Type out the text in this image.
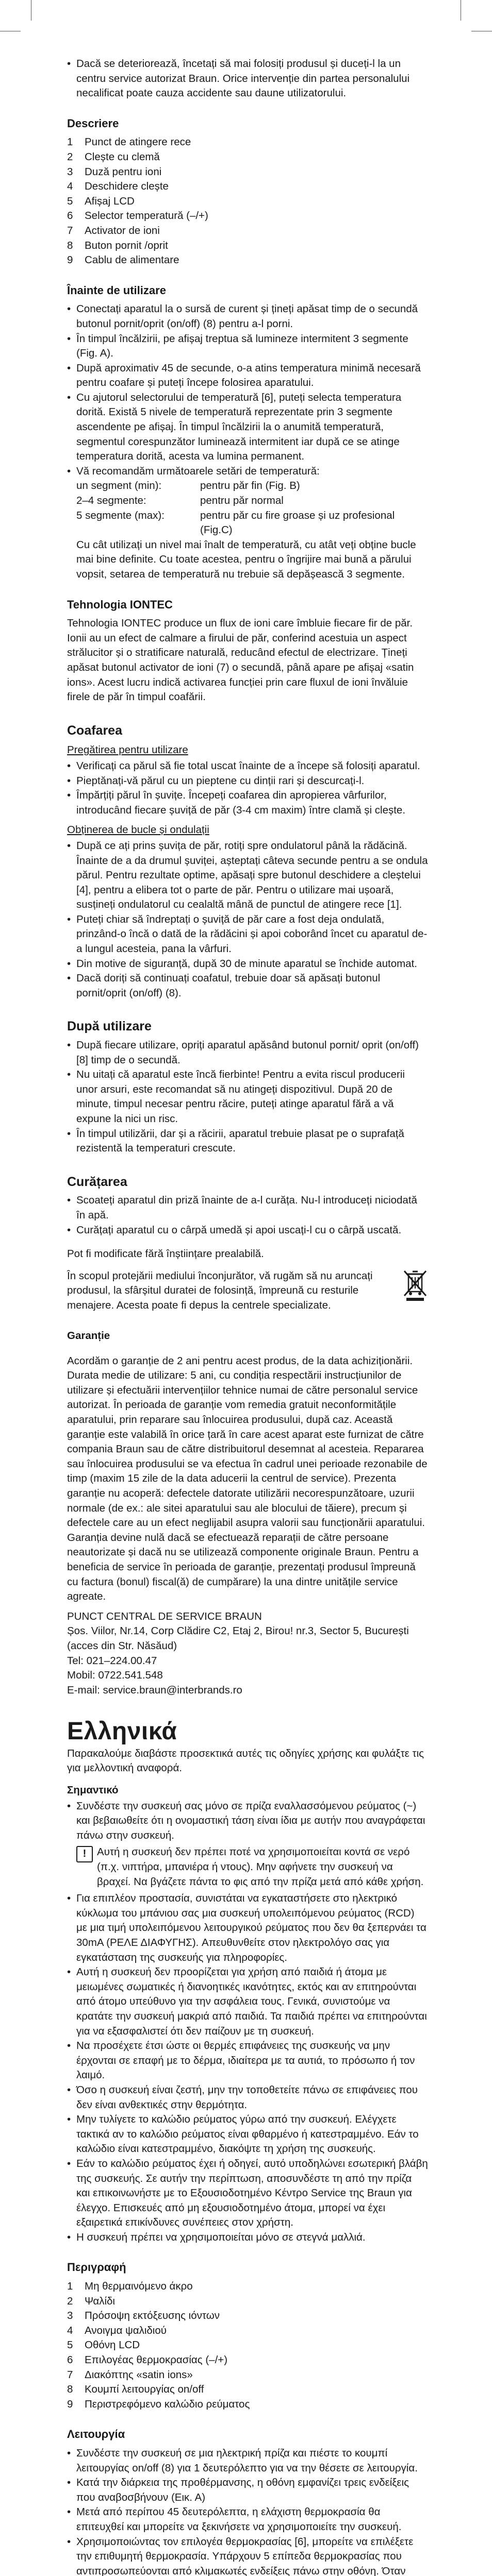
• Dacă se deteriorează, încetați să mai folosiți produsul și duceți-l la un centru service autorizat Braun. Orice intervenție din partea personalului necalificat poate cauza accidente sau daune utilizatorului.
Descriere
1	Punct de atingere rece
2	Clește cu clemă
3	Duză pentru ioni
4	Deschidere clește
5	Afișaj LCD
6	Selector temperatură (–/+)
7	Activator de ioni
8	Buton pornit /oprit
9	Cablu de alimentare
Înainte de utilizare
• Conectați aparatul la o sursă de curent și țineți apăsat timp de o secundă butonul pornit/oprit (on/off) (8) pentru a-l porni.
• În timpul încălzirii, pe afișaj treptua să lumineze intermitent 3 segmente (Fig. A).
• După aproximativ 45 de secunde, o-a atins temperatura minimă necesară pentru coafare și puteți începe folosirea aparatului.
• Cu ajutorul selectorului de temperatură [6], puteți selecta temperatura dorită. Există 5 nivele de temperatură reprezentate prin 3 segmente ascendente pe afișaj. În timpul încălzirii la o anumită temperatură, segmentul corespunzător luminează intermitent iar după ce se atinge temperatura dorită, acesta va lumina permanent.
• Vă recomandăm următoarele setări de temperatură:
un segment (min):	pentru păr fin (Fig. B)
2–4 segmente:	pentru păr normal
5 segmente (max):	pentru păr cu fire groase și uz profesional (Fig.C)
Cu cât utilizați un nivel mai înalt de temperatură, cu atât veți obține bucle mai bine definite. Cu toate acestea, pentru o îngrijire mai bună a părului vopsit, setarea de temperatură nu trebuie să depășească 3 segmente.
Tehnologia IONTEC
Tehnologia IONTEC produce un flux de ioni care îmbluie fiecare fir de păr. Ionii au un efect de calmare a firului de păr, conferind acestuia un aspect strălucitor și o stratificare naturală, reducând efectul de electrizare. Țineți apăsat butonul activator de ioni (7) o secundă, până apare pe afișaj «satin ions». Acest lucru indică activarea funcției prin care fluxul de ioni învăluie firele de păr în timpul coafării.
Coafarea
Pregătirea pentru utilizare
• Verificați ca părul să fie total uscat înainte de a începe să folosiți aparatul.
• Pieptănați-vă părul cu un pieptene cu dinții rari și descurcați-l.
• Împărțiți părul în șuvițe. Începeți coafarea din apropierea vârfurilor, introducând fiecare șuviță de păr (3-4 cm maxim) între clamă și clește.
Obținerea de bucle și ondulații
• După ce ați prins șuvița de păr, rotiți spre ondulatorul până la rădăcină. Înainte de a da drumul șuviței, așteptați câteva secunde pentru a se ondula părul. Pentru rezultate optime, apăsați spre butonul deschidere a cleștelui [4], pentru a elibera tot o parte de păr. Pentru o utilizare mai ușoară, susțineți ondulatorul cu cealaltă mână de punctul de atingere rece [1].
• Puteți chiar să îndreptați o șuviță de păr care a fost deja ondulată, prinzând-o încă o dată de la rădăcini și apoi coborând încet cu aparatul de-a lungul acesteia, pana la vârfuri.
• Din motive de siguranță, după 30 de minute aparatul se închide automat.
• Dacă doriți să continuați coafatul, trebuie doar să apăsați butonul pornit/oprit (on/off) (8).
După utilizare
• După fiecare utilizare, opriți aparatul apăsând butonul pornit/ oprit (on/off) [8] timp de o secundă.
• Nu uitați că aparatul este încă fierbinte! Pentru a evita riscul producerii unor arsuri, este recomandat să nu atingeți dispozitivul. După 20 de minute, timpul necesar pentru răcire, puteți atinge aparatul fără a vă expune la nici un risc.
• În timpul utilizării, dar și a răcirii, aparatul trebuie plasat pe o suprafață rezistentă la temperaturi crescute.
Curățarea
• Scoateți aparatul din priză înainte de a-l curăța. Nu-l introduceți niciodată în apă.
• Curățați aparatul cu o cârpă umedă și apoi uscați-l cu o cârpă uscată.

Pot fi modificate fără înștiințare prealabilă.

În scopul protejării mediului înconjurător, vă rugăm să nu aruncați produsul, la sfârșitul duratei de folosință, împreună cu resturile menajere. Acesta poate fi depus la centrele specializate.
Garanție
Acordăm o garanție de 2 ani pentru acest produs, de la data achiziționării. Durata medie de utilizare: 5 ani, cu condiția respectării instrucțiunilor de utilizare și efectuării intervențiilor tehnice numai de către personalul service autorizat. În perioada de garanție vom remedia gratuit neconformitățile aparatului, prin reparare sau înlocuirea produsului, după caz. Această garanție este valabilă în orice țară în care acest aparat este furnizat de către compania Braun sau de către distribuitorul desemnat al acesteia. Repararea sau înlocuirea produsului se va efectua în cadrul unei perioade rezonabile de timp (maxim 15 zile de la data aducerii la centrul de service). Prezenta garanție nu acoperă: defectele datorate utilizării necorespunzătoare, uzurii normale (de ex.: ale sitei aparatului sau ale blocului de tăiere), precum și defectele care au un efect neglijabil asupra valorii sau funcționării aparatului. Garanția devine nulă dacă se efectuează reparații de către persoane neautorizate și dacă nu se utilizează componente originale Braun. Pentru a beneficia de service în perioada de garanție, prezentați produsul împreună cu factura (bonul) fiscal(ă) de cumpărare) la una dintre unitățile service agreate.
PUNCT CENTRAL DE SERVICE BRAUN
Șos. Viilor, Nr.14, Corp Clădire C2, Etaj 2, Birou! nr.3, Sector 5, București (acces din Str. Năsăud)
Tel: 021–224.00.47
Mobil: 0722.541.548
E-mail: service.braun@interbrands.ro
Ελληνικά

Παρακαλούμε διαβάστε προσεκτικά αυτές τις οδηγίες χρήσης και φυλάξτε τις για μελλοντική αναφορά.

Σημαντικό
• Συνδέστε την συσκευή σας μόνο σε πρίζα εναλλασσόμενου ρεύματος (~) και βεβαιωθείτε ότι η ονομαστική τάση είναι ίδια με αυτήν που αναγράφεται πάνω στην συσκευή.
!	Αυτή η συσκευή δεν πρέπει ποτέ να χρησιμοποιείται κοντά σε νερό (π.χ. νιπτήρα, μπανιέρα ή ντους). Μην αφήνετε την συσκευή να βραχεί. Να βγάζετε πάντα το φις από την πρίζα μετά από κάθε χρήση.
• Για επιπλέον προστασία, συνιστάται να εγκαταστήσετε στο ηλεκτρικό κύκλωμα του μπάνιου σας μια συσκευή υπολειπόμενου ρεύματος (RCD) με μια τιμή υπολειπόμενου λειτουργικού ρεύματος που δεν θα ξεπερνάει τα 30mA (ΡΕΛΕ ΔΙΑΦΥΓΗΣ). Απευθυνθείτε στον ηλεκτρολόγο σας για εγκατάσταση της συσκευής για πληροφορίες.
• Αυτή η συσκευή δεν προορίζεται για χρήση από παιδιά ή άτομα με μειωμένες σωματικές ή διανοητικές ικανότητες, εκτός και αν επιτηρούνται από άτομο υπεύθυνο για την ασφάλεια τους. Γενικά, συνιστούμε να κρατάτε την συσκευή μακριά από παιδιά. Τα παιδιά πρέπει να επιτηρούνται για να εξασφαλιστεί ότι δεν παίζουν με τη συσκευή.
• Να προσέχετε έτσι ώστε οι θερμές επιφάνειες της συσκευής να μην έρχονται σε επαφή με το δέρμα, ιδιαίτερα με τα αυτιά, το πρόσωπο ή τον λαιμό.
• Όσο η συσκευή είναι ζεστή, μην την τοποθετείτε πάνω σε επιφάνειες που δεν είναι ανθεκτικές στην θερμότητα.
• Μην τυλίγετε το καλώδιο ρεύματος γύρω από την συσκευή. Ελέγχετε τακτικά αν το καλώδιο ρεύματος είναι φθαρμένο ή κατεστραμμένο. Εάν το καλώδιο είναι κατεστραμμένο, διακόψτε τη χρήση της συσκευής.
• Εάν το καλώδιο ρεύματος έχει ή οδηγεί, αυτό υποδηλώνει εσωτερική βλάβη της συσκευής. Σε αυτήν την περίπτωση, αποσυνδέστε τη από την πρίζα και επικοινωνήστε με το Εξουσιοδοτημένο Κέντρο Service της Braun για έλεγχο. Επισκευές από μη εξουσιοδοτημένο άτομα, μπορεί να έχει εξαιρετικά επικίνδυνες συνέπειες στον χρήστη.
• Η συσκευή πρέπει να χρησιμοποιείται μόνο σε στεγνά μαλλιά.
Περιγραφή
1	Μη θερμαινόμενο άκρο
2	Ψαλίδι
3	Πρόσοψη εκτόξευσης ιόντων
4	Ανοιγμα ψαλιδιού
5	Οθόνη LCD
6	Επιλογέας θερμοκρασίας (–/+)
7	Διακόπτης «satin ions»
8	Κουμπί λειτουργίας on/off
9	Περιστρεφόμενο καλώδιο ρεύματος
Λειτουργία
• Συνδέστε την συσκευή σε μια ηλεκτρική πρίζα και πιέστε το κουμπί λειτουργίας on/off (8) για 1 δευτερόλεπτο για να την θέσετε σε λειτουργία.
• Κατά την διάρκεια της προθέρμανσης, η οθόνη εμφανίζει τρεις ενδείξεις που αναβοσβήνουν (Εικ. Α)
• Μετά από περίπου 45 δευτερόλεπτα, η ελάχιστη θερμοκρασία θα επιτευχθεί και μπορείτε να ξεκινήσετε να χρησιμοποιείτε την συσκευή.
• Χρησιμοποιώντας τον επιλογέα θερμοκρασίας [6], μπορείτε να επιλέξετε την επιθυμητή θερμοκρασία. Υπάρχουν 5 επίπεδα θερμοκρασίας που αντιπροσωπεύονται από κλιμακωτές ενδείξεις πάνω στην οθόνη. Όταν
